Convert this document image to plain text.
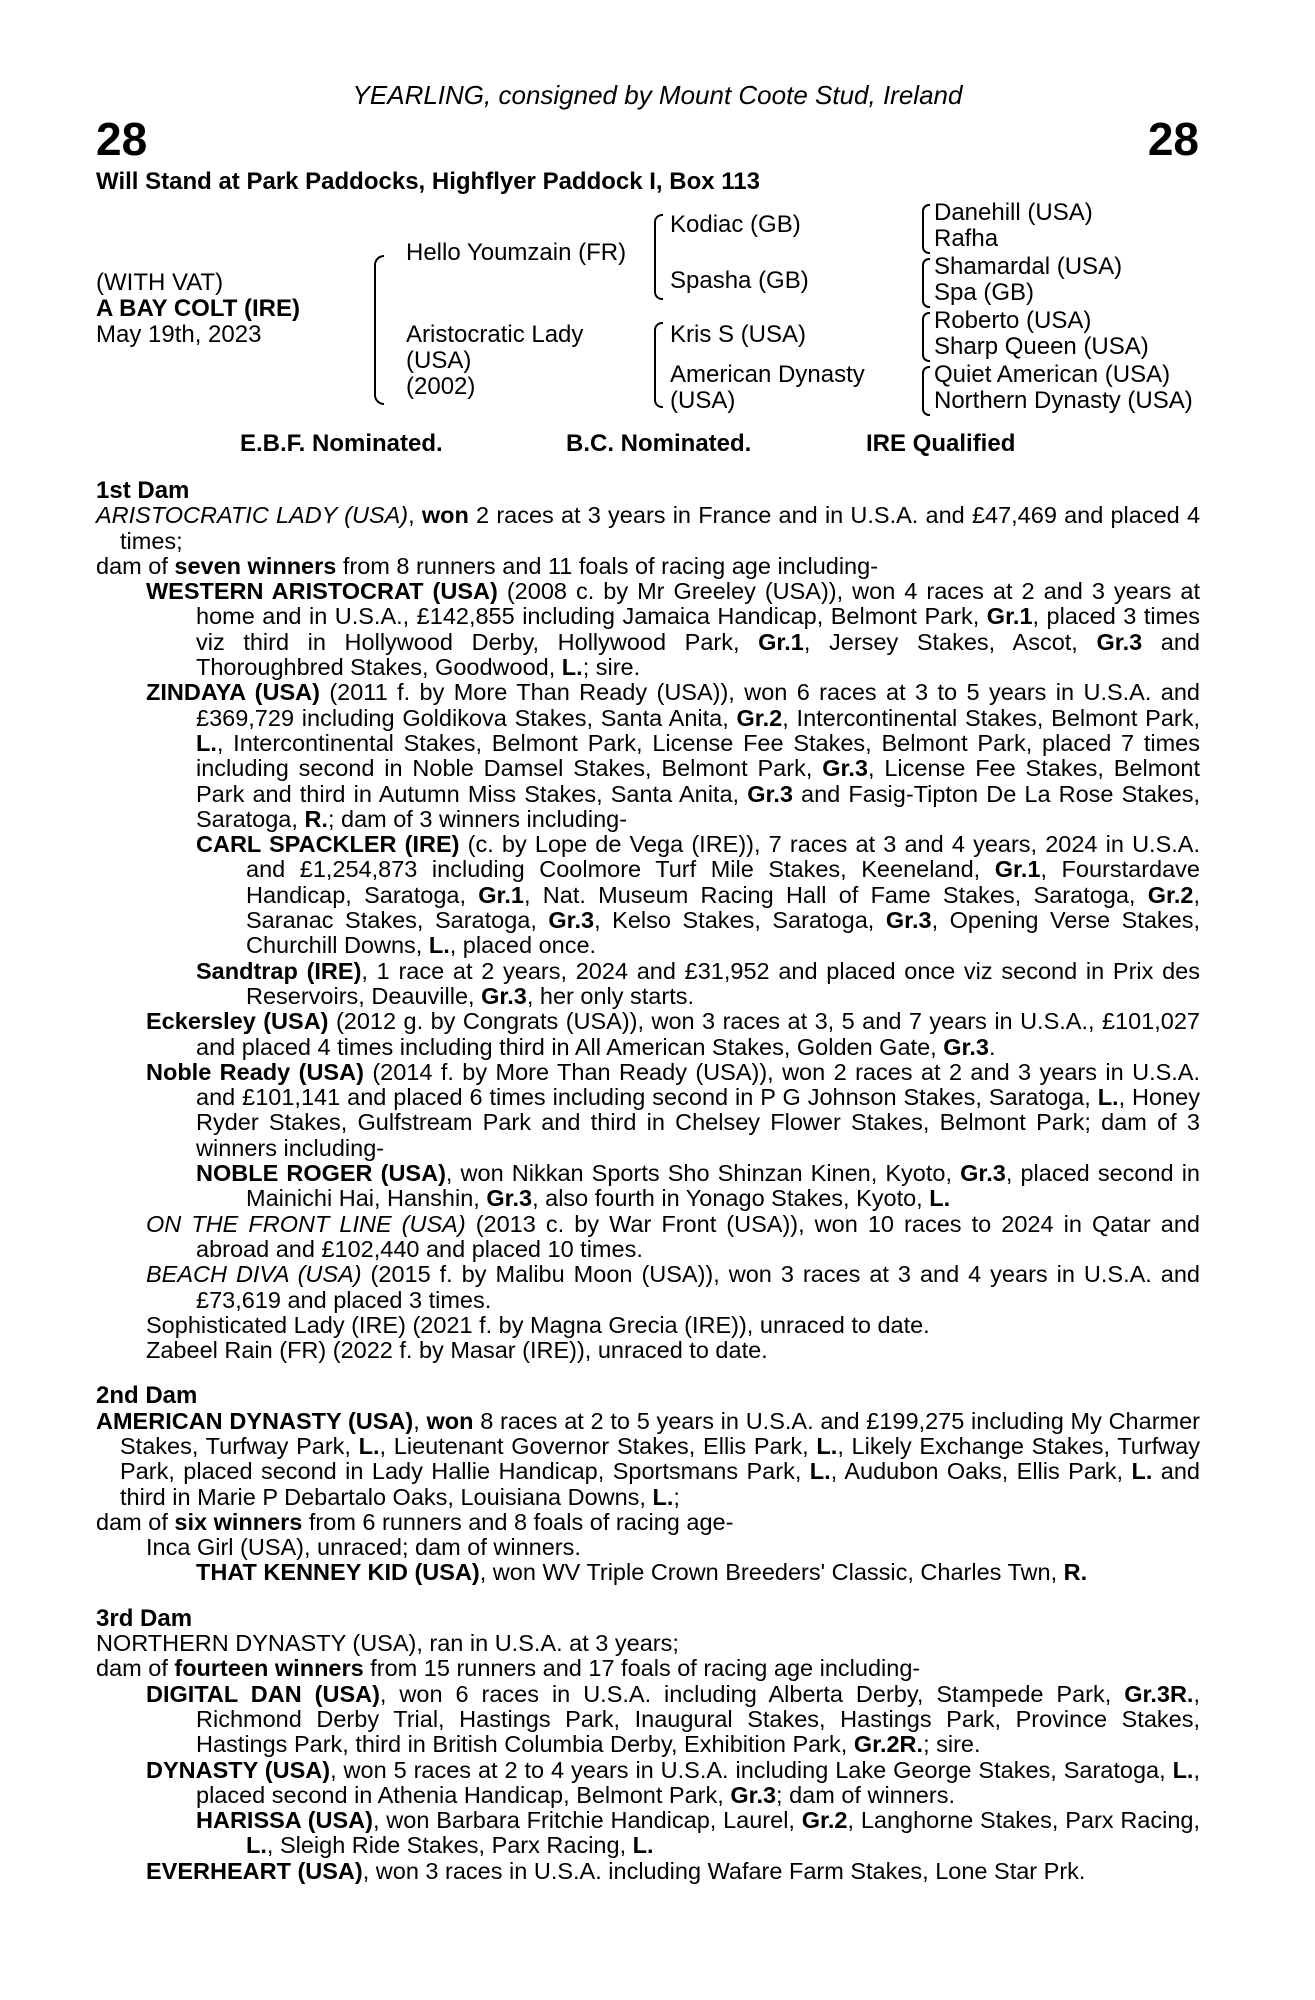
YEARLING, consigned by Mount Coote Stud, Ireland
28	28
Will Stand at Park Paddocks, Highflyer Paddock I, Box 113
(WITH VAT)
A BAY COLT (IRE)
May 19th, 2023
Hello Youmzain (FR)
Aristocratic Lady
(USA)
(2002)
Kodiac (GB)
Spasha (GB)
Kris S (USA)
American Dynasty
(USA)
Danehill (USA)
Rafha
Shamardal (USA)
Spa (GB)
Roberto (USA)
Sharp Queen (USA)
Quiet American (USA)
Northern Dynasty (USA)
E.B.F. Nominated.	B.C. Nominated.	IRE Qualified
1st Dam
ARISTOCRATIC LADY (USA), won 2 races at 3 years in France and in U.S.A. and £47,469 and placed 4 times;
dam of seven winners from 8 runners and 11 foals of racing age including-
WESTERN ARISTOCRAT (USA) (2008 c. by Mr Greeley (USA)), won 4 races at 2 and 3 years at home and in U.S.A., £142,855 including Jamaica Handicap, Belmont Park, Gr.1, placed 3 times viz third in Hollywood Derby, Hollywood Park, Gr.1, Jersey Stakes, Ascot, Gr.3 and Thoroughbred Stakes, Goodwood, L.; sire.
ZINDAYA (USA) (2011 f. by More Than Ready (USA)), won 6 races at 3 to 5 years in U.S.A. and £369,729 including Goldikova Stakes, Santa Anita, Gr.2, Intercontinental Stakes, Belmont Park, L., Intercontinental Stakes, Belmont Park, License Fee Stakes, Belmont Park, placed 7 times including second in Noble Damsel Stakes, Belmont Park, Gr.3, License Fee Stakes, Belmont Park and third in Autumn Miss Stakes, Santa Anita, Gr.3 and Fasig-Tipton De La Rose Stakes, Saratoga, R.; dam of 3 winners including-
CARL SPACKLER (IRE) (c. by Lope de Vega (IRE)), 7 races at 3 and 4 years, 2024 in U.S.A. and £1,254,873 including Coolmore Turf Mile Stakes, Keeneland, Gr.1, Fourstardave Handicap, Saratoga, Gr.1, Nat. Museum Racing Hall of Fame Stakes, Saratoga, Gr.2, Saranac Stakes, Saratoga, Gr.3, Kelso Stakes, Saratoga, Gr.3, Opening Verse Stakes, Churchill Downs, L., placed once.
Sandtrap (IRE), 1 race at 2 years, 2024 and £31,952 and placed once viz second in Prix des Reservoirs, Deauville, Gr.3, her only starts.
Eckersley (USA) (2012 g. by Congrats (USA)), won 3 races at 3, 5 and 7 years in U.S.A., £101,027 and placed 4 times including third in All American Stakes, Golden Gate, Gr.3.
Noble Ready (USA) (2014 f. by More Than Ready (USA)), won 2 races at 2 and 3 years in U.S.A. and £101,141 and placed 6 times including second in P G Johnson Stakes, Saratoga, L., Honey Ryder Stakes, Gulfstream Park and third in Chelsey Flower Stakes, Belmont Park; dam of 3 winners including-
NOBLE ROGER (USA), won Nikkan Sports Sho Shinzan Kinen, Kyoto, Gr.3, placed second in Mainichi Hai, Hanshin, Gr.3, also fourth in Yonago Stakes, Kyoto, L.
ON THE FRONT LINE (USA) (2013 c. by War Front (USA)), won 10 races to 2024 in Qatar and abroad and £102,440 and placed 10 times.
BEACH DIVA (USA) (2015 f. by Malibu Moon (USA)), won 3 races at 3 and 4 years in U.S.A. and £73,619 and placed 3 times.
Sophisticated Lady (IRE) (2021 f. by Magna Grecia (IRE)), unraced to date.
Zabeel Rain (FR) (2022 f. by Masar (IRE)), unraced to date.
2nd Dam
AMERICAN DYNASTY (USA), won 8 races at 2 to 5 years in U.S.A. and £199,275 including My Charmer Stakes, Turfway Park, L., Lieutenant Governor Stakes, Ellis Park, L., Likely Exchange Stakes, Turfway Park, placed second in Lady Hallie Handicap, Sportsmans Park, L., Audubon Oaks, Ellis Park, L. and third in Marie P Debartalo Oaks, Louisiana Downs, L.;
dam of six winners from 6 runners and 8 foals of racing age-
Inca Girl (USA), unraced; dam of winners.
THAT KENNEY KID (USA), won WV Triple Crown Breeders' Classic, Charles Twn, R.
3rd Dam
NORTHERN DYNASTY (USA), ran in U.S.A. at 3 years;
dam of fourteen winners from 15 runners and 17 foals of racing age including-
DIGITAL DAN (USA), won 6 races in U.S.A. including Alberta Derby, Stampede Park, Gr.3R., Richmond Derby Trial, Hastings Park, Inaugural Stakes, Hastings Park, Province Stakes, Hastings Park, third in British Columbia Derby, Exhibition Park, Gr.2R.; sire.
DYNASTY (USA), won 5 races at 2 to 4 years in U.S.A. including Lake George Stakes, Saratoga, L., placed second in Athenia Handicap, Belmont Park, Gr.3; dam of winners.
HARISSA (USA), won Barbara Fritchie Handicap, Laurel, Gr.2, Langhorne Stakes, Parx Racing, L., Sleigh Ride Stakes, Parx Racing, L.
EVERHEART (USA), won 3 races in U.S.A. including Wafare Farm Stakes, Lone Star Prk.
